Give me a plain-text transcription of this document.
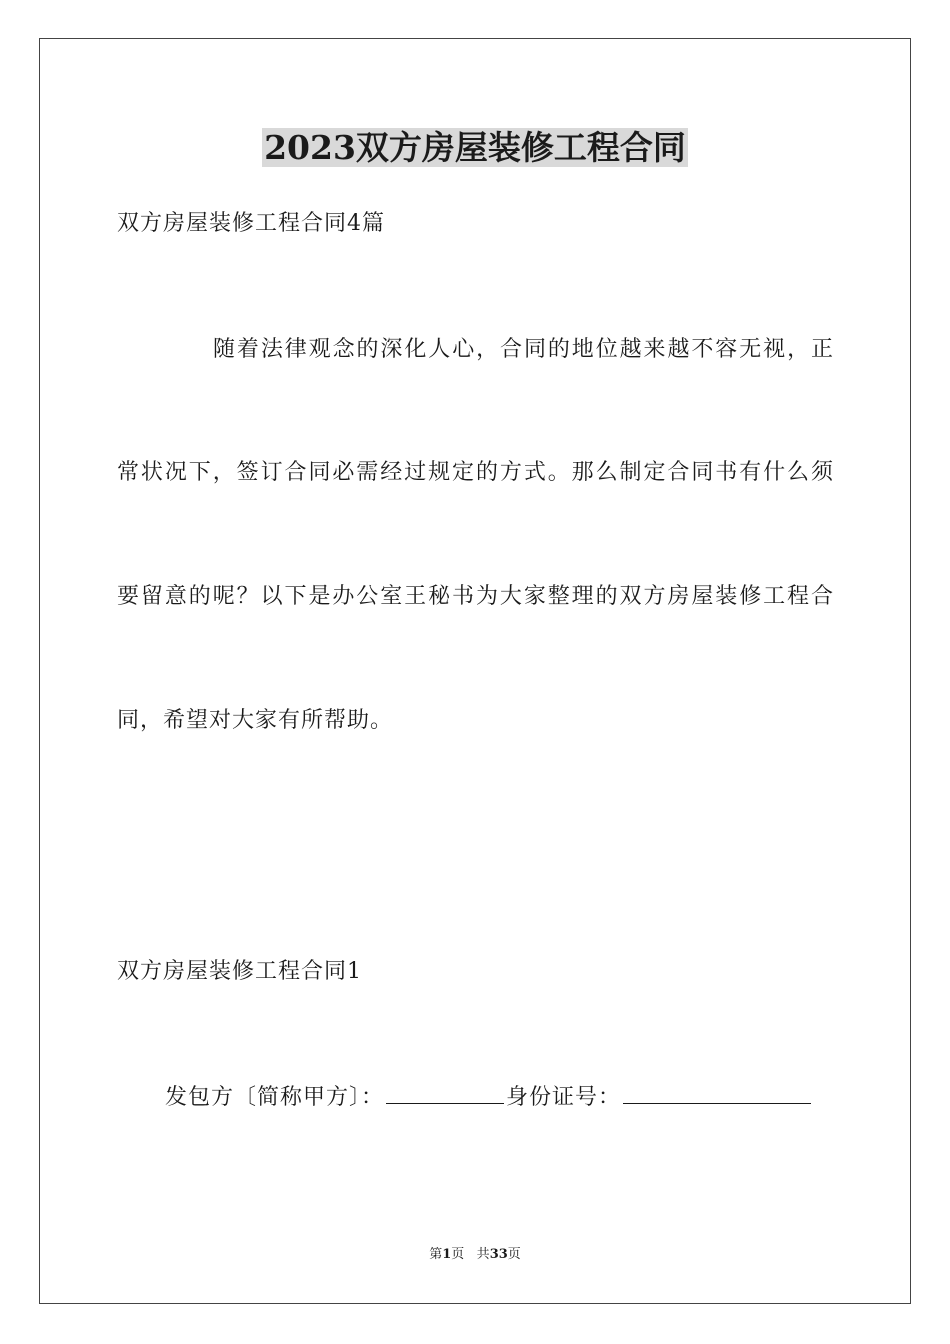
2023双方房屋装修工程合同
双方房屋装修工程合同4篇
随着法律观念的深化人心，合同的地位越来越不容无视，正
常状况下，签订合同必需经过规定的方式。那么制定合同书有什么须
要留意的呢？以下是办公室王秘书为大家整理的双方房屋装修工程合
同，希望对大家有所帮助。
双方房屋装修工程合同1
发包方〔简称甲方〕：	身份证号：
第1页 共33页
